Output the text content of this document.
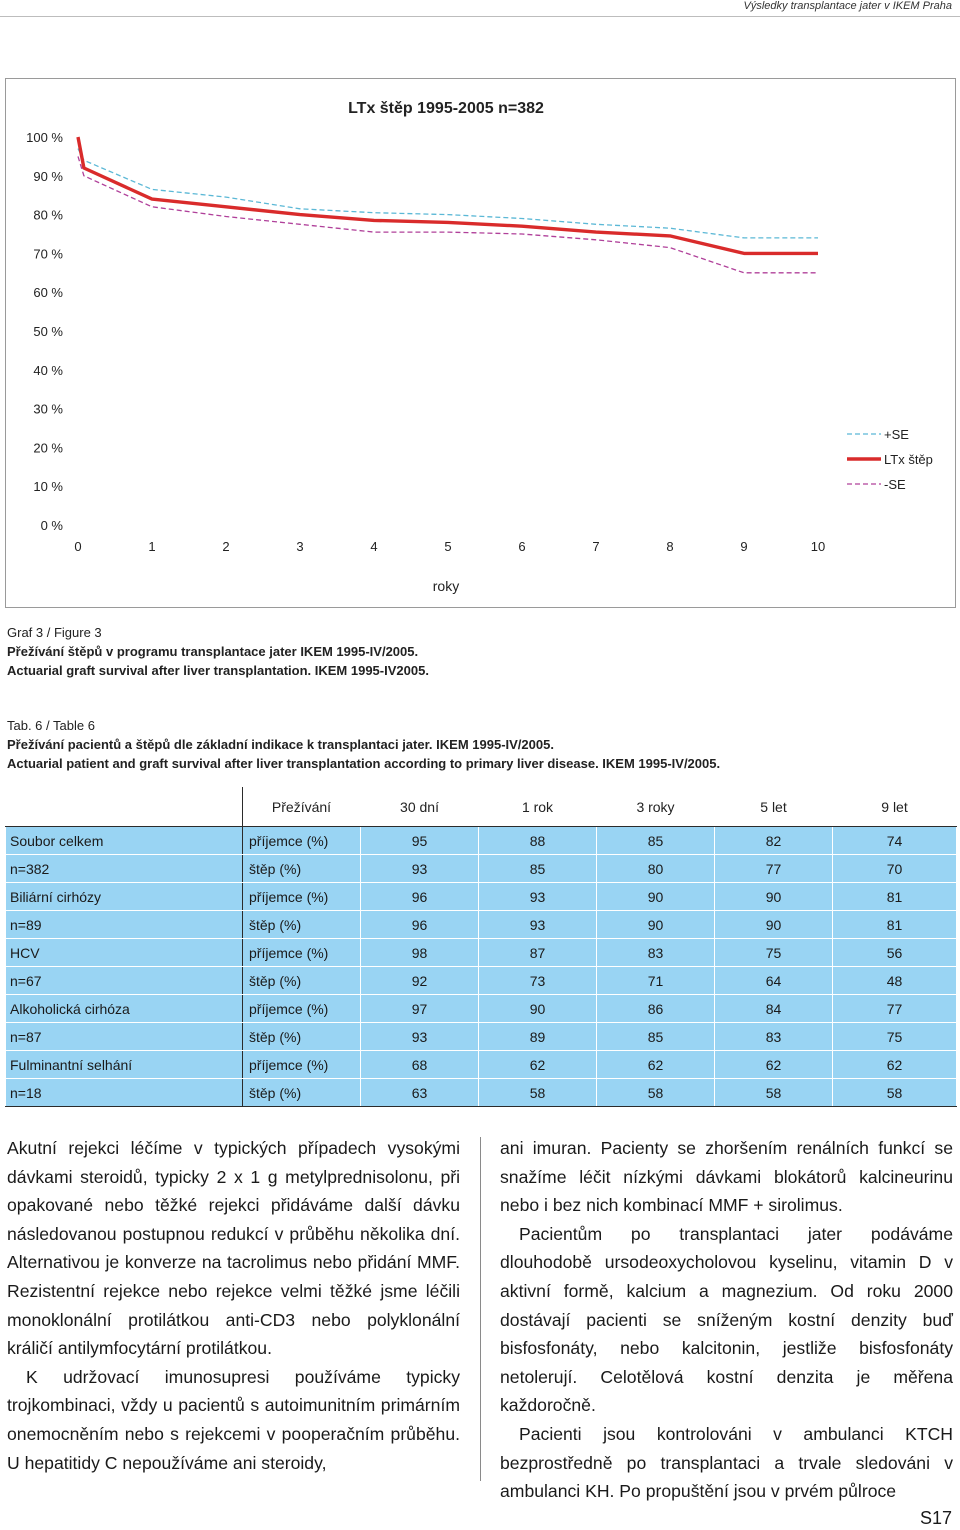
Výsledky transplantace jater v IKEM Praha
LTx štěp 1995-2005 n=382
0 %
10 %
20 %
30 %
40 %
50 %
60 %
70 %
80 %
90 %
100 %
0	1	2	3	4	5	6	7	8	9	10
roky
+SE
LTx štěp
-SE
Graf 3 / Figure 3
Přežívání štěpů v programu transplantace jater IKEM 1995-IV/2005.
Actuarial graft survival after liver transplantation. IKEM 1995-IV2005.
Tab. 6 / Table 6
Přežívání pacientů a štěpů dle základní indikace k transplantaci jater. IKEM 1995-IV/2005.
Actuarial patient and graft survival after liver transplantation according to primary liver disease. IKEM 1995-IV/2005.
	Přežívání	30 dní	1 rok	3 roky	5 let	9 let
Soubor celkem	příjemce (%)	95	88	85	82	74
n=382	štěp (%)	93	85	80	77	70
Biliární cirhózy	příjemce (%)	96	93	90	90	81
n=89	štěp (%)	96	93	90	90	81
HCV	příjemce (%)	98	87	83	75	56
n=67	štěp (%)	92	73	71	64	48
Alkoholická cirhóza	příjemce (%)	97	90	86	84	77
n=87	štěp (%)	93	89	85	83	75
Fulminantní selhání	příjemce (%)	68	62	62	62	62
n=18	štěp (%)	63	58	58	58	58

Akutní rejekci léčíme v typických případech vysokými dávkami steroidů, typicky 2 x 1 g metylprednisolonu, při opakované nebo těžké rejekci přidáváme další dávku následovanou postupnou redukcí v průběhu několika dní. Alternativou je konverze na tacrolimus nebo přidání MMF. Rezistentní rejekce nebo rejekce velmi těžké jsme léčili monoklonální protilátkou anti-CD3 nebo polyklonální králičí antilymfocytární protilátkou.

K udržovací imunosupresi používáme typicky trojkombinaci, vždy u pacientů s autoimunitním primárním onemocněním nebo s rejekcemi v pooperačním průběhu. U hepatitidy C nepoužíváme ani steroidy,

ani imuran. Pacienty se zhoršením renálních funkcí se snažíme léčit nízkými dávkami blokátorů kalcineurinu nebo i bez nich kombinací MMF + sirolimus.

Pacientům po transplantaci jater podáváme dlouhodobě ursodeoxycholovou kyselinu, vitamin D v aktivní formě, kalcium a magnezium. Od roku 2000 dostávají pacienti se sníženým kostní denzity buď bisfosfonáty, nebo kalcitonin, jestliže bisfosfonáty netolerují. Celotělová kostní denzita je měřena každoročně.

Pacienti jsou kontrolováni v ambulanci KTCH bezprostředně po transplantaci a trvale sledováni v ambulanci KH. Po propuštění jsou v prvém půlroce

S17
